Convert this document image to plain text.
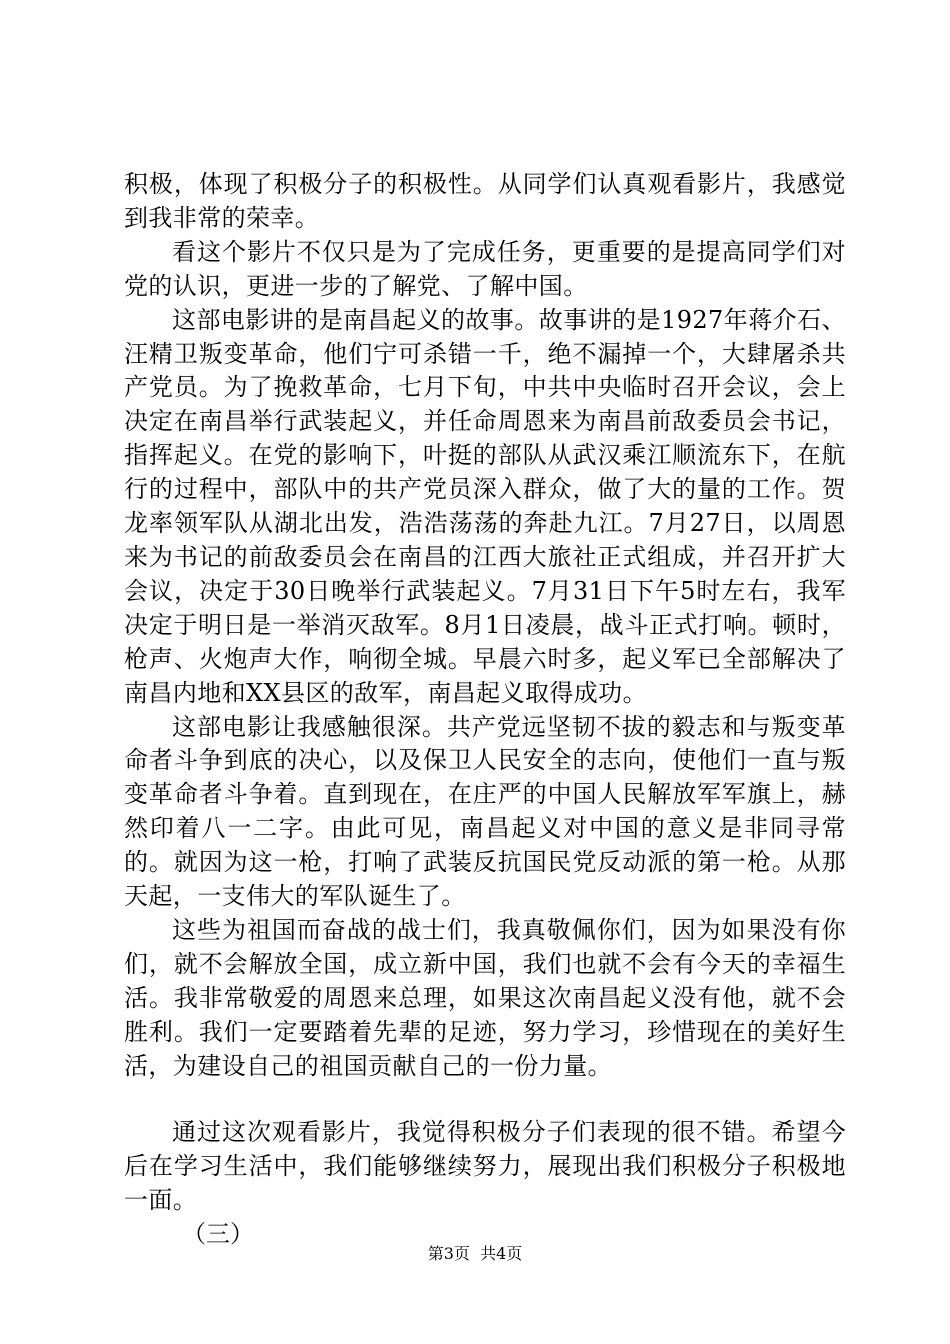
积极，体现了积极分子的积极性。从同学们认真观看影片，我感觉到我非常的荣幸。

看这个影片不仅只是为了完成任务，更重要的是提高同学们对党的认识，更进一步的了解党、了解中国。

这部电影讲的是南昌起义的故事。故事讲的是1927年蒋介石、汪精卫叛变革命，他们宁可杀错一千，绝不漏掉一个，大肆屠杀共产党员。为了挽救革命，七月下旬，中共中央临时召开会议，会上决定在南昌举行武装起义，并任命周恩来为南昌前敌委员会书记，指挥起义。在党的影响下，叶挺的部队从武汉乘江顺流东下，在航行的过程中，部队中的共产党员深入群众，做了大的量的工作。贺龙率领军队从湖北出发，浩浩荡荡的奔赴九江。7月27日，以周恩来为书记的前敌委员会在南昌的江西大旅社正式组成，并召开扩大会议，决定于30日晚举行武装起义。7月31日下午5时左右，我军决定于明日是一举消灭敌军。8月1日凌晨，战斗正式打响。顿时，枪声、火炮声大作，响彻全城。早晨六时多，起义军已全部解决了南昌内地和XX县区的敌军，南昌起义取得成功。

这部电影让我感触很深。共产党远坚韧不拔的毅志和与叛变革命者斗争到底的决心，以及保卫人民安全的志向，使他们一直与叛变革命者斗争着。直到现在，在庄严的中国人民解放军军旗上，赫然印着八一二字。由此可见，南昌起义对中国的意义是非同寻常的。就因为这一枪，打响了武装反抗国民党反动派的第一枪。从那天起，一支伟大的军队诞生了。

这些为祖国而奋战的战士们，我真敬佩你们，因为如果没有你们，就不会解放全国，成立新中国，我们也就不会有今天的幸福生活。我非常敬爱的周恩来总理，如果这次南昌起义没有他，就不会胜利。我们一定要踏着先辈的足迹，努力学习，珍惜现在的美好生活，为建设自己的祖国贡献自己的一份力量。

通过这次观看影片，我觉得积极分子们表现的很不错。希望今后在学习生活中，我们能够继续努力，展现出我们积极分子积极地一面。

（三）

第3页  共4页
